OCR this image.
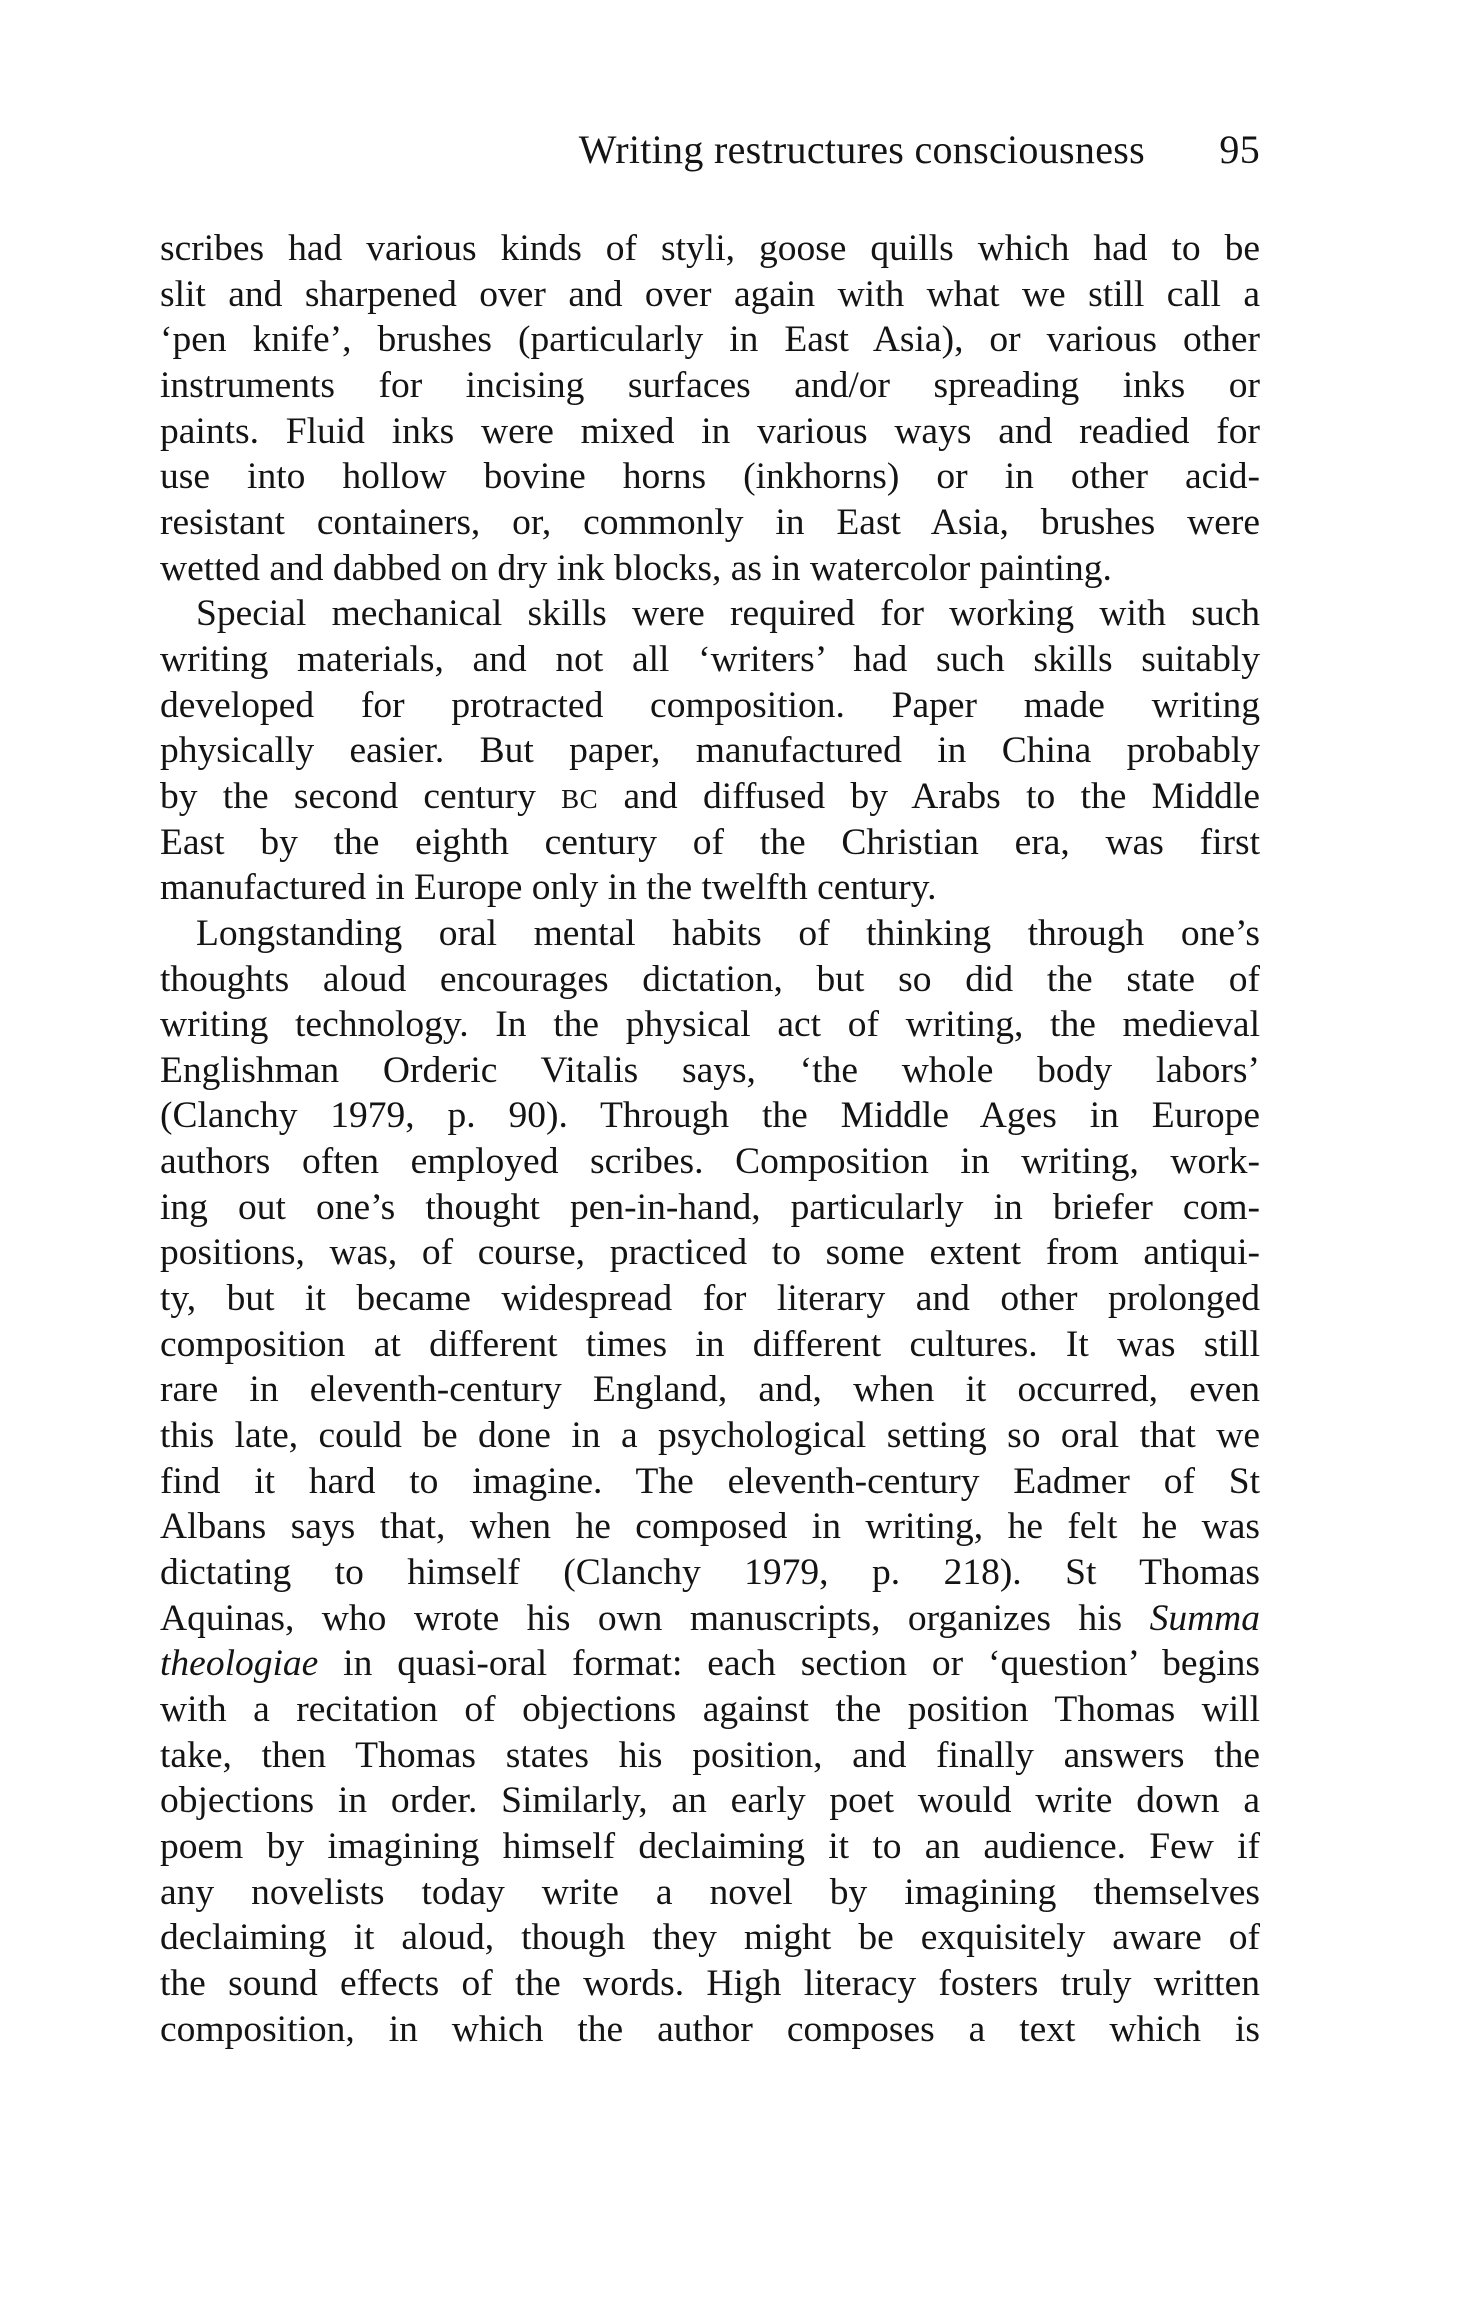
Writing restructures consciousness 95
scribes had various kinds of styli, goose quills which had to be
slit and sharpened over and over again with what we still call a
‘pen knife’, brushes (particularly in East Asia), or various other
instruments for incising surfaces and/or spreading inks or
paints. Fluid inks were mixed in various ways and readied for
use into hollow bovine horns (inkhorns) or in other acid-
resistant containers, or, commonly in East Asia, brushes were
wetted and dabbed on dry ink blocks, as in watercolor painting.
Special mechanical skills were required for working with such
writing materials, and not all ‘writers’ had such skills suitably
developed for protracted composition. Paper made writing
physically easier. But paper, manufactured in China probably
by the second century BC and diffused by Arabs to the Middle
East by the eighth century of the Christian era, was first
manufactured in Europe only in the twelfth century.
Longstanding oral mental habits of thinking through one’s
thoughts aloud encourages dictation, but so did the state of
writing technology. In the physical act of writing, the medieval
Englishman Orderic Vitalis says, ‘the whole body labors’
(Clanchy 1979, p. 90). Through the Middle Ages in Europe
authors often employed scribes. Composition in writing, work-
ing out one’s thought pen-in-hand, particularly in briefer com-
positions, was, of course, practiced to some extent from antiqui-
ty, but it became widespread for literary and other prolonged
composition at different times in different cultures. It was still
rare in eleventh-century England, and, when it occurred, even
this late, could be done in a psychological setting so oral that we
find it hard to imagine. The eleventh-century Eadmer of St
Albans says that, when he composed in writing, he felt he was
dictating to himself (Clanchy 1979, p. 218). St Thomas
Aquinas, who wrote his own manuscripts, organizes his Summa
theologiae in quasi-oral format: each section or ‘question’ begins
with a recitation of objections against the position Thomas will
take, then Thomas states his position, and finally answers the
objections in order. Similarly, an early poet would write down a
poem by imagining himself declaiming it to an audience. Few if
any novelists today write a novel by imagining themselves
declaiming it aloud, though they might be exquisitely aware of
the sound effects of the words. High literacy fosters truly written
composition, in which the author composes a text which is
